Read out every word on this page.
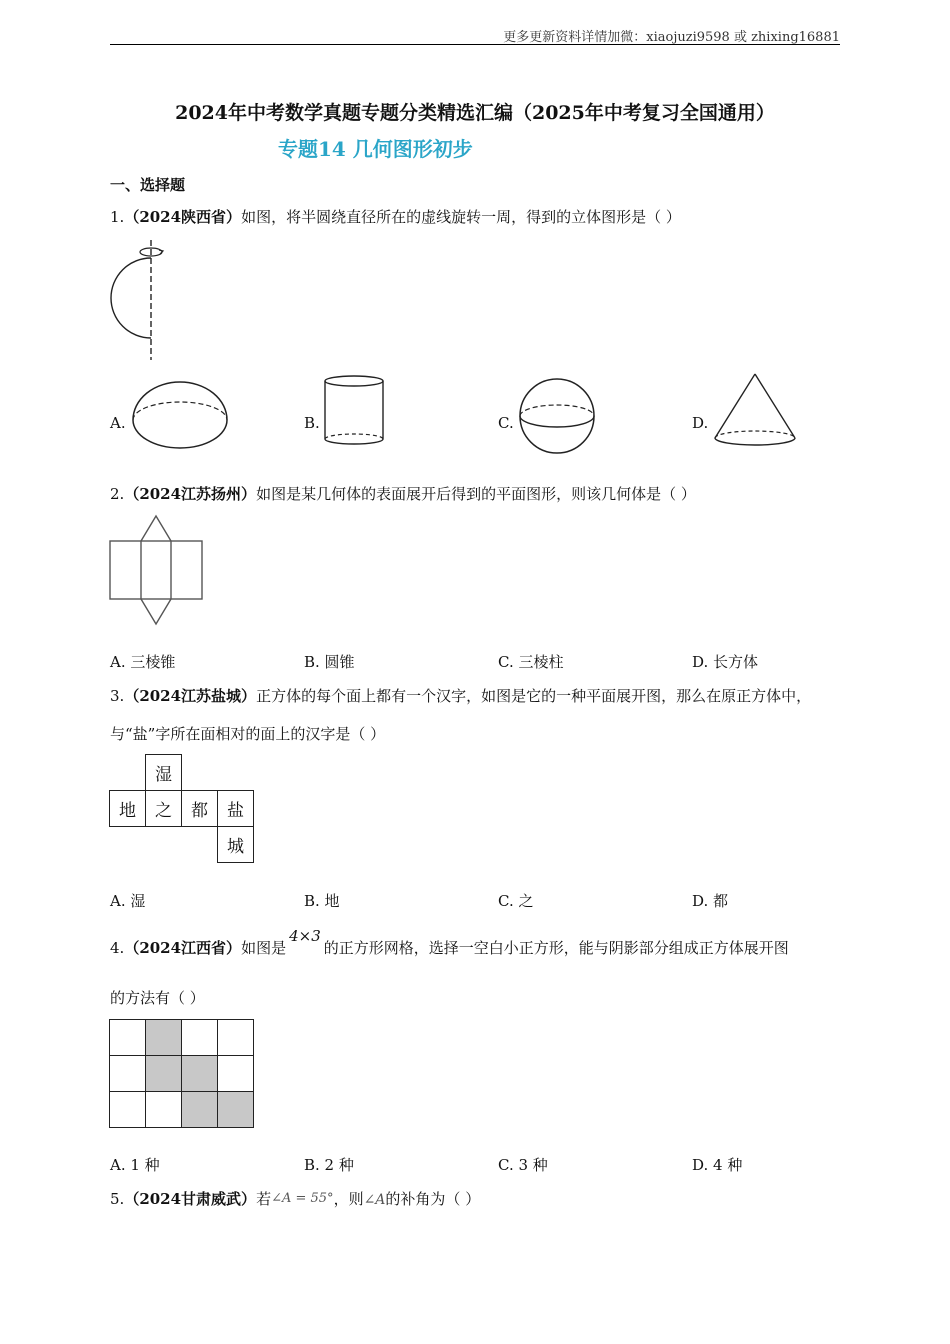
更多更新资料详情加微：xiaojuzi9598 或 zhixing16881
2024年中考数学真题专题分类精选汇编（2025年中考复习全国通用）
专题14 几何图形初步
一、选择题
1.（2024陕西省）如图，将半圆绕直径所在的虚线旋转一周，得到的立体图形是（ ）
A.	B.	C.	D.
2.（2024江苏扬州）如图是某几何体的表面展开后得到的平面图形，则该几何体是（ ）
A. 三棱锥	B. 圆锥	C. 三棱柱	D. 长方体
3.（2024江苏盐城）正方体的每个面上都有一个汉字，如图是它的一种平面展开图，那么在原正方体中，
与“盐”字所在面相对的面上的汉字是（ ）
	湿		
地	之	都	盐
			城
A. 湿	B. 地	C. 之	D. 都
4.（2024江西省）如图是4×3的正方形网格，选择一空白小正方形，能与阴影部分组成正方体展开图
的方法有（ ）

A. 1 种	B. 2 种	C. 3 种	D. 4 种
5.（2024甘肃威武）若∠A = 55°，则∠A的补角为（ ）
